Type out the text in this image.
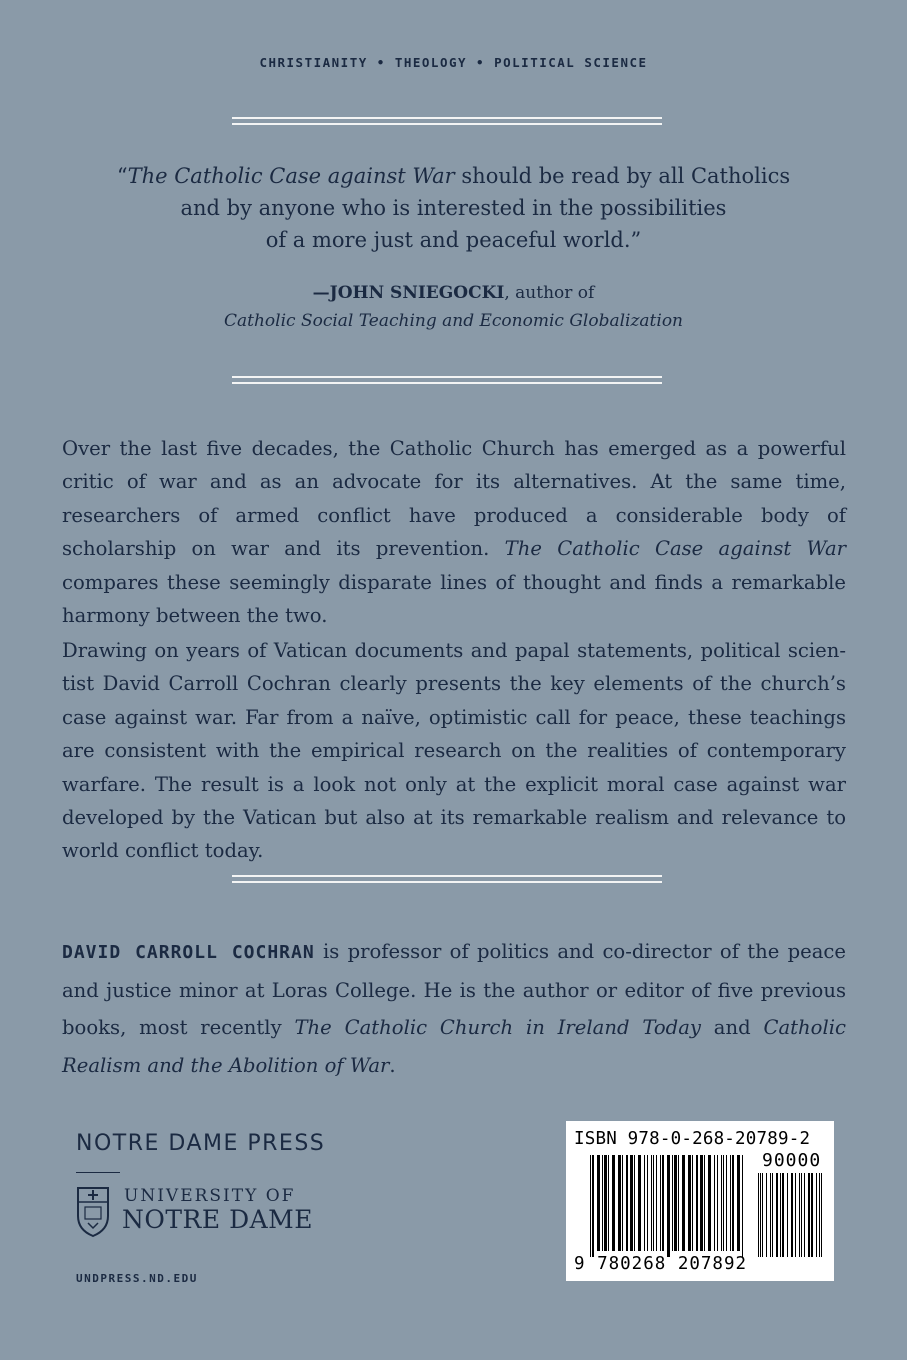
CHRISTIANITY • THEOLOGY • POLITICAL SCIENCE
“The Catholic Case against War should be read by all Catholics
and by anyone who is interested in the possibilities
of a more just and peaceful world.”
—JOHN SNIEGOCKI, author of
Catholic Social Teaching and Economic Globalization

Over the last five decades, the Catholic Church has emerged as a powerful critic of war and as an advocate for its alternatives. At the same time, researchers of armed conflict have produced a considerable body of scholarship on war and its prevention. The Catholic Case against War compares these seemingly disparate lines of thought and finds a remarkable harmony between the two.

Drawing on years of Vatican documents and papal statements, political scien- tist David Carroll Cochran clearly presents the key elements of the church’s case against war. Far from a naïve, optimistic call for peace, these teachings are consistent with the empirical research on the realities of contemporary warfare. The result is a look not only at the explicit moral case against war developed by the Vatican but also at its remarkable realism and relevance to world conflict today.

DAVID CARROLL COCHRAN is professor of politics and co-director of the peace and justice minor at Loras College. He is the author or editor of five previous books, most recently The Catholic Church in Ireland Today and Catholic Realism and the Abolition of War.

NOTRE DAME PRESS
UNIVERSITY OF
NOTRE DAME
UNDPRESS.ND.EDU
ISBN 978-0-268-20789-2
90000
9 780268 207892
